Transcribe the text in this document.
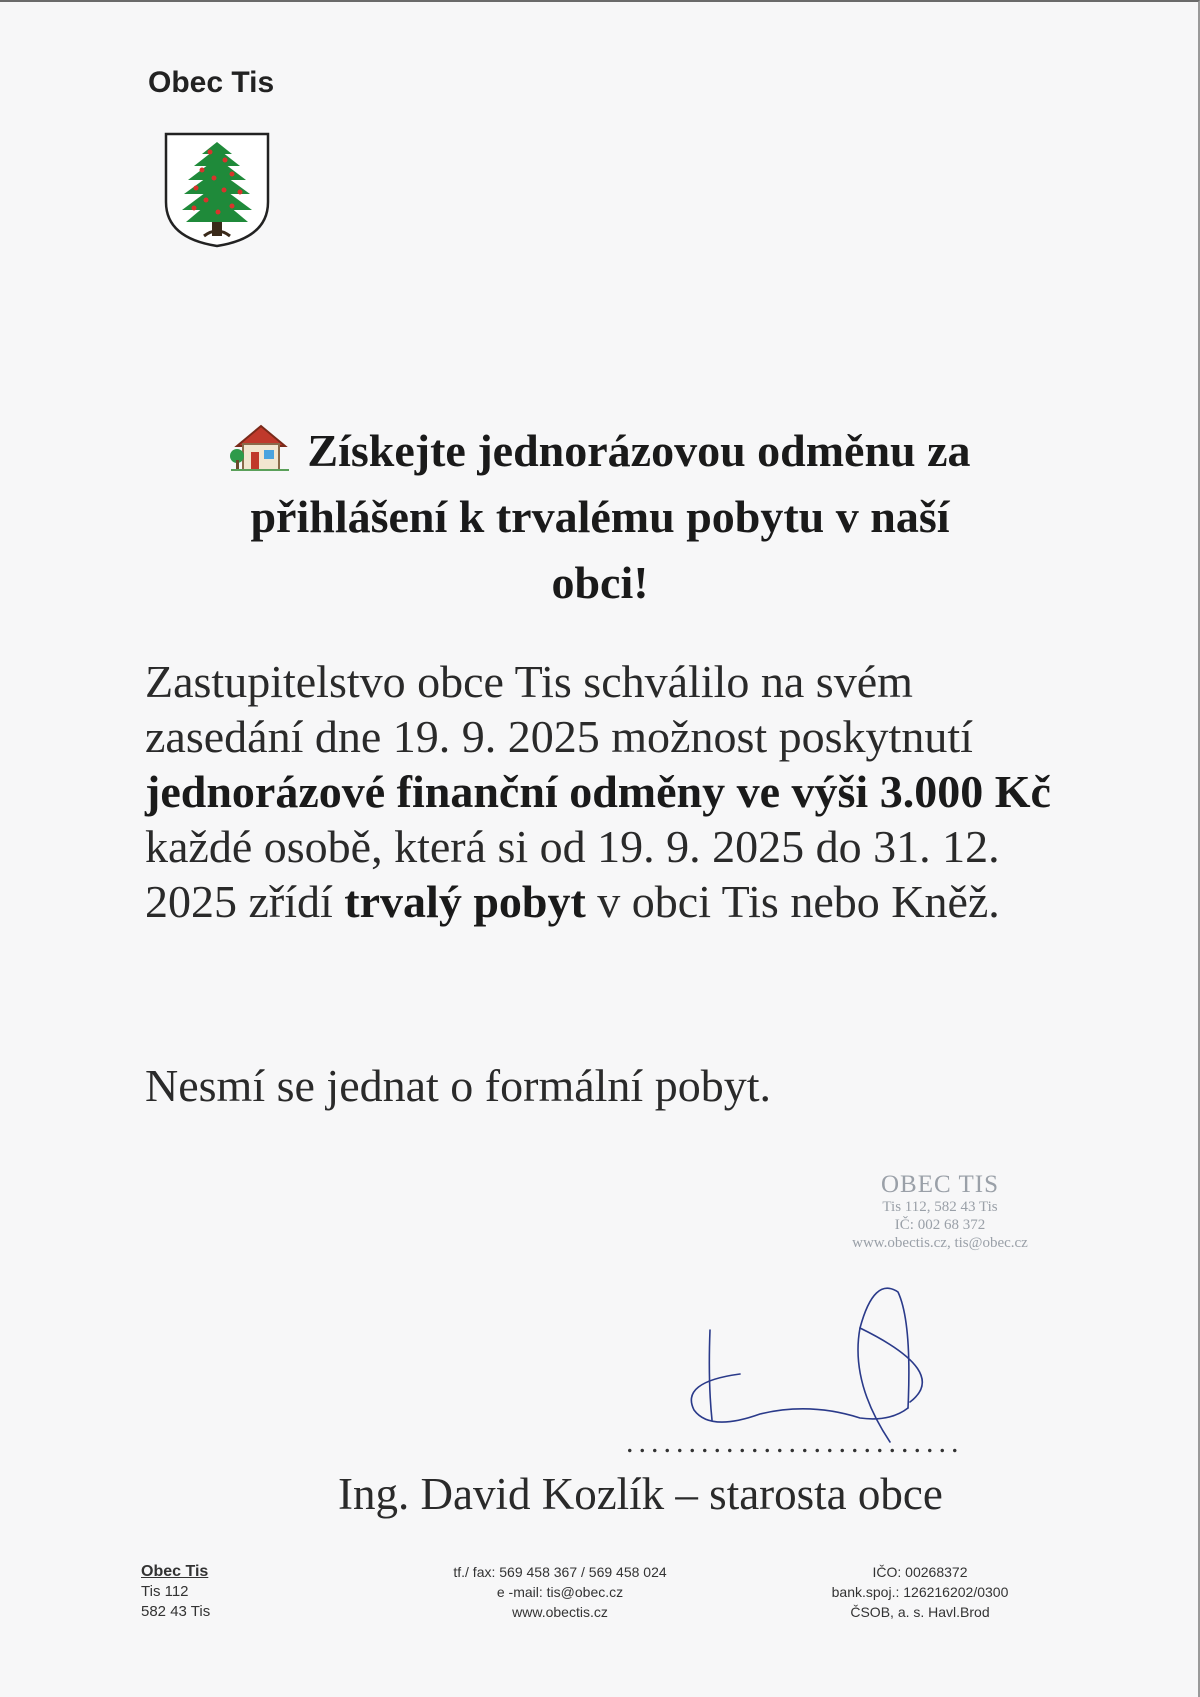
Obec Tis
Získejte jednorázovou odměnu za
přihlášení k trvalému pobytu v naší
obci!
Zastupitelstvo obce Tis schválilo na svém zasedání dne 19. 9. 2025 možnost poskytnutí jednorázové finanční odměny ve výši 3.000 Kč každé osobě, která si od 19. 9. 2025 do 31. 12. 2025 zřídí trvalý pobyt v obci Tis nebo Kněž.
Nesmí se jednat o formální pobyt.
OBEC TIS
Tis 112, 582 43 Tis
IČ: 002 68 372
www.obectis.cz, tis@obec.cz
...........................
Ing. David Kozlík – starosta obce
Obec Tis
Tis 112
582 43 Tis
tf./ fax: 569 458 367 / 569 458 024
e -mail: tis@obec.cz
www.obectis.cz
IČO: 00268372
bank.spoj.: 126216202/0300
ČSOB, a. s. Havl.Brod
